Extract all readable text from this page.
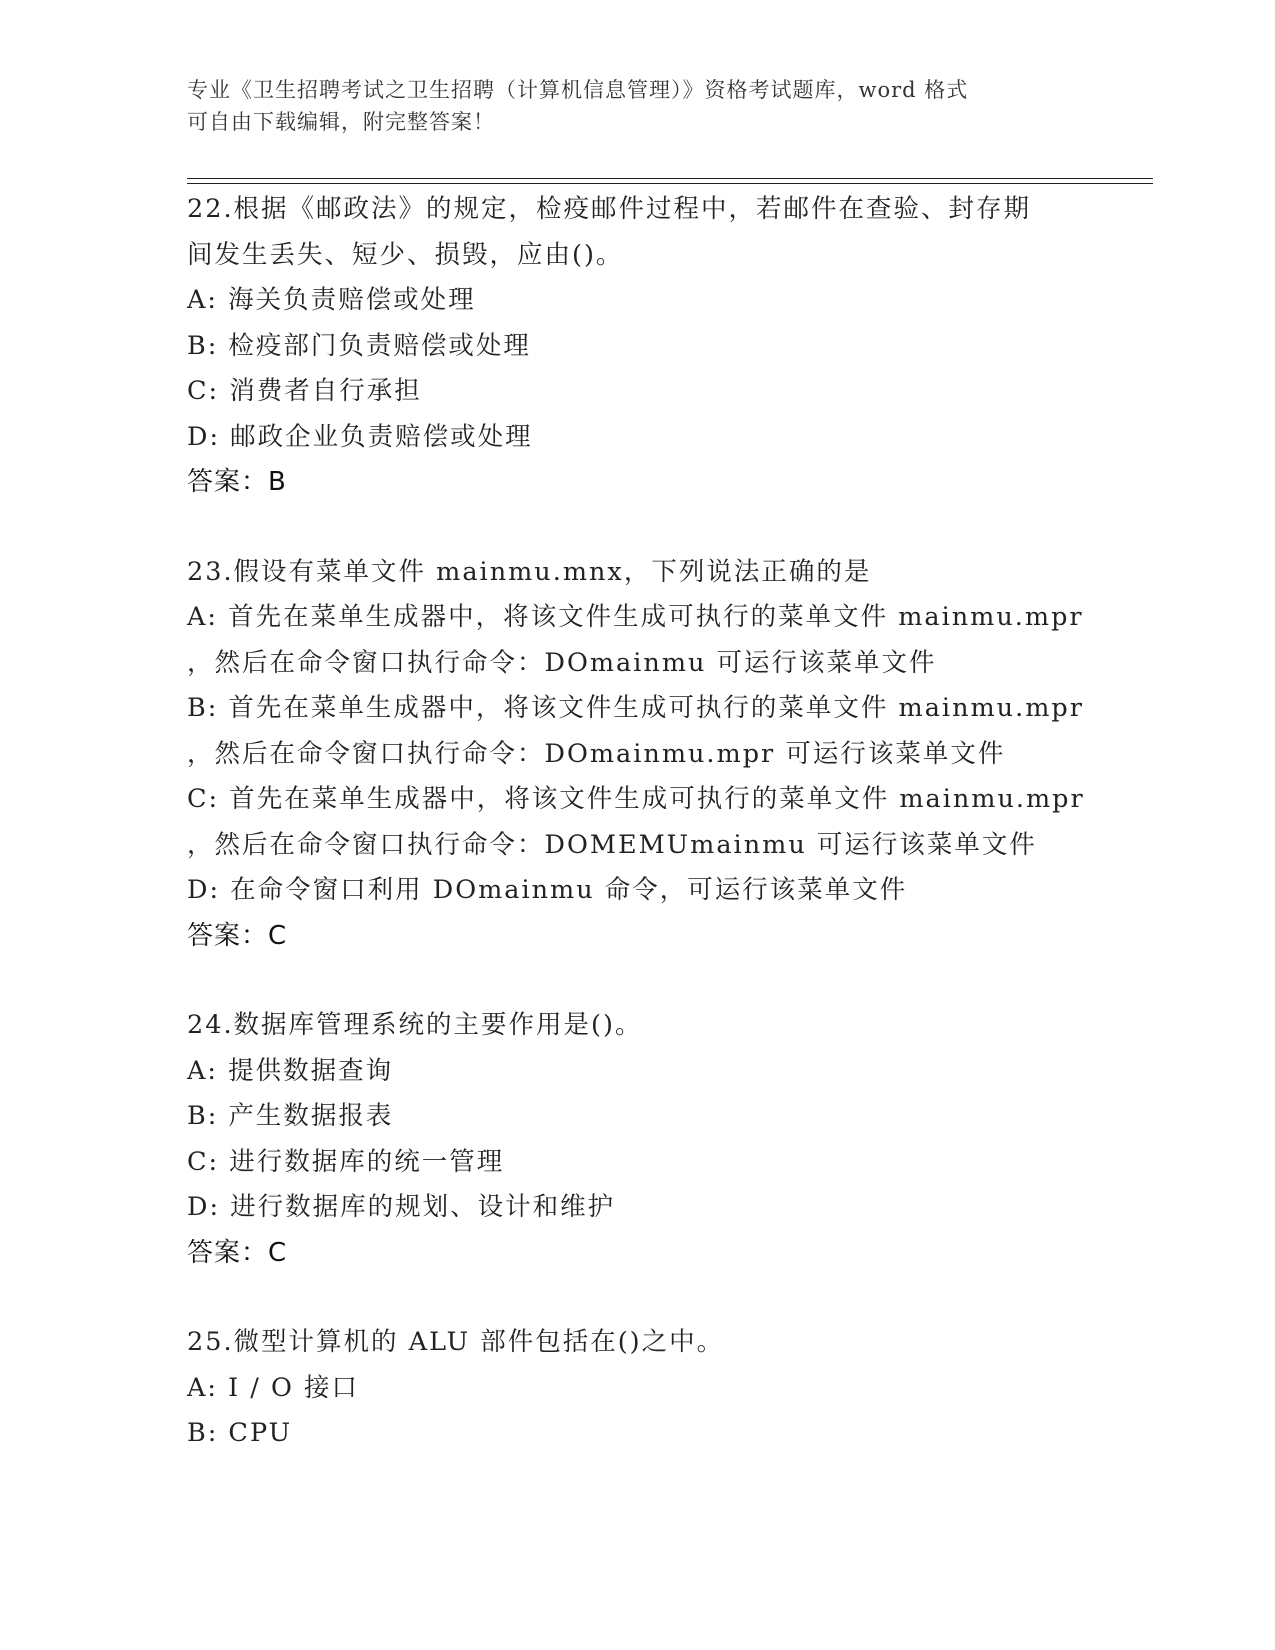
专业《卫生招聘考试之卫生招聘（计算机信息管理）》资格考试题库，word 格式
可自由下载编辑，附完整答案！
22.根据《邮政法》的规定，检疫邮件过程中，若邮件在查验、封存期
间发生丢失、短少、损毁，应由()。
A: 海关负责赔偿或处理
B: 检疫部门负责赔偿或处理
C: 消费者自行承担
D: 邮政企业负责赔偿或处理
答案：B
23.假设有菜单文件 mainmu.mnx，下列说法正确的是
A: 首先在菜单生成器中，将该文件生成可执行的菜单文件 mainmu.mpr
，然后在命令窗口执行命令：DOmainmu 可运行该菜单文件
B: 首先在菜单生成器中，将该文件生成可执行的菜单文件 mainmu.mpr
，然后在命令窗口执行命令：DOmainmu.mpr 可运行该菜单文件
C: 首先在菜单生成器中，将该文件生成可执行的菜单文件 mainmu.mpr
，然后在命令窗口执行命令：DOMEMUmainmu 可运行该菜单文件
D: 在命令窗口利用 DOmainmu 命令，可运行该菜单文件
答案：C
24.数据库管理系统的主要作用是()。
A: 提供数据查询
B: 产生数据报表
C: 进行数据库的统一管理
D: 进行数据库的规划、设计和维护
答案：C
25.微型计算机的 ALU 部件包括在()之中。
A: I / O 接口
B: CPU
